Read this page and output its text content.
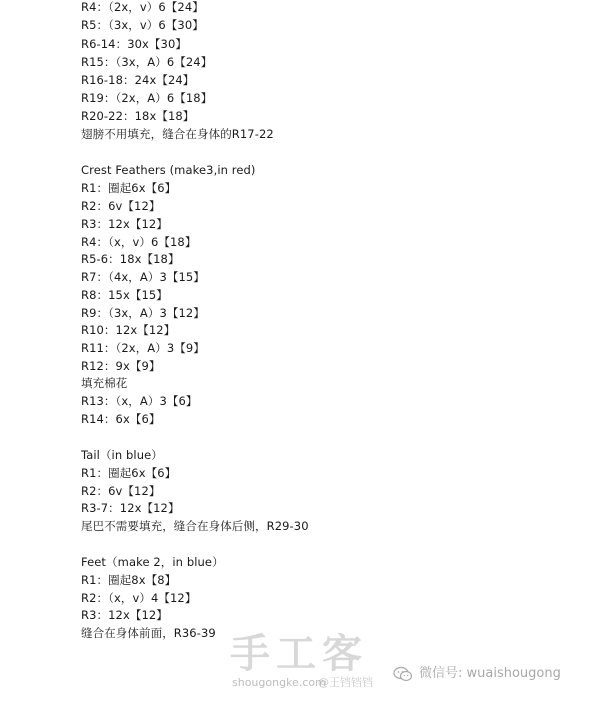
R4：（2x，v）6【24】
R5：（3x，v）6【30】
R6-14：30x【30】
R15：（3x，A）6【24】
R16-18：24x【24】
R19：（2x，A）6【18】
R20-22：18x【18】
翅膀不用填充，缝合在身体的R17-22
Crest Feathers (make3,in red)
R1：圈起6x【6】
R2：6v【12】
R3：12x【12】
R4：（x，v）6【18】
R5-6：18x【18】
R7：（4x，A）3【15】
R8：15x【15】
R9：（3x，A）3【12】
R10：12x【12】
R11：（2x，A）3【9】
R12：9x【9】
填充棉花
R13：（x，A）3【6】
R14：6x【6】
Tail（in blue）
R1：圈起6x【6】
R2：6v【12】
R3-7：12x【12】
尾巴不需要填充，缝合在身体后侧，R29-30
Feet（make 2，in blue）
R1：圈起8x【8】
R2：（x，v）4【12】
R3：12x【12】
缝合在身体前面，R36-39 手工客
shougongke.com
@王铛铛铛
微信号: wuaishougong
